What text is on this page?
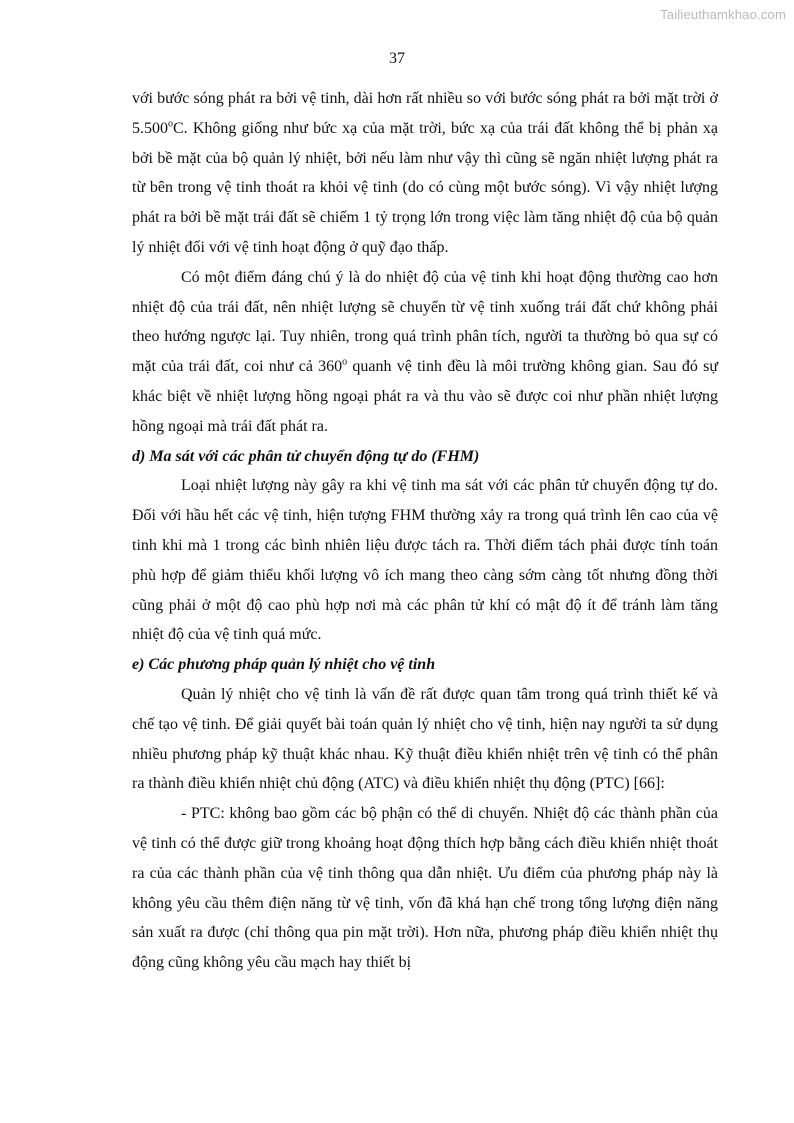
Tailieuthamkhao.com
37

với bước sóng phát ra bởi vệ tinh, dài hơn rất nhiều so với bước sóng phát ra bởi mặt trời ở 5.500$^o$C. Không giống như bức xạ của mặt trời, bức xạ của trái đất không thể bị phản xạ bởi bề mặt của bộ quản lý nhiệt, bởi nếu làm như vậy thì cũng sẽ ngăn nhiệt lượng phát ra từ bên trong vệ tinh thoát ra khỏi vệ tinh (do có cùng một bước sóng). Vì vậy nhiệt lượng phát ra bởi bề mặt trái đất sẽ chiếm 1 tỷ trọng lớn trong việc làm tăng nhiệt độ của bộ quản lý nhiệt đối với vệ tinh hoạt động ở quỹ đạo thấp.

Có một điểm đáng chú ý là do nhiệt độ của vệ tinh khi hoạt động thường cao hơn nhiệt độ của trái đất, nên nhiệt lượng sẽ chuyển từ vệ tinh xuống trái đất chứ không phải theo hướng ngược lại. Tuy nhiên, trong quá trình phân tích, người ta thường bỏ qua sự có mặt của trái đất, coi như cả 360$^o$ quanh vệ tinh đều là môi trường không gian. Sau đó sự khác biệt về nhiệt lượng hồng ngoại phát ra và thu vào sẽ được coi như phần nhiệt lượng hồng ngoại mà trái đất phát ra.

d) Ma sát với các phân tử chuyển động tự do (FHM)

Loại nhiệt lượng này gây ra khi vệ tinh ma sát với các phân tử chuyển động tự do. Đối với hầu hết các vệ tinh, hiện tượng FHM thường xảy ra trong quá trình lên cao của vệ tinh khi mà 1 trong các bình nhiên liệu được tách ra. Thời điểm tách phải được tính toán phù hợp để giảm thiểu khối lượng vô ích mang theo càng sớm càng tốt nhưng đồng thời cũng phải ở một độ cao phù hợp nơi mà các phân tử khí có mật độ ít để tránh làm tăng nhiệt độ của vệ tinh quá mức.

e) Các phương pháp quản lý nhiệt cho vệ tinh

Quản lý nhiệt cho vệ tinh là vấn đề rất được quan tâm trong quá trình thiết kế và chế tạo vệ tinh. Để giải quyết bài toán quản lý nhiệt cho vệ tinh, hiện nay người ta sử dụng nhiều phương pháp kỹ thuật khác nhau. Kỹ thuật điều khiển nhiệt trên vệ tinh có thể phân ra thành điều khiển nhiệt chủ động (ATC) và điều khiển nhiệt thụ động (PTC) [66]:

- PTC: không bao gồm các bộ phận có thể di chuyển. Nhiệt độ các thành phần của vệ tinh có thể được giữ trong khoảng hoạt động thích hợp bằng cách điều khiển nhiệt thoát ra của các thành phần của vệ tinh thông qua dẫn nhiệt. Ưu điểm của phương pháp này là không yêu cầu thêm điện năng từ vệ tinh, vốn đã khá hạn chế trong tổng lượng điện năng sản xuất ra được (chỉ thông qua pin mặt trời). Hơn nữa, phương pháp điều khiển nhiệt thụ động cũng không yêu cầu mạch hay thiết bị
